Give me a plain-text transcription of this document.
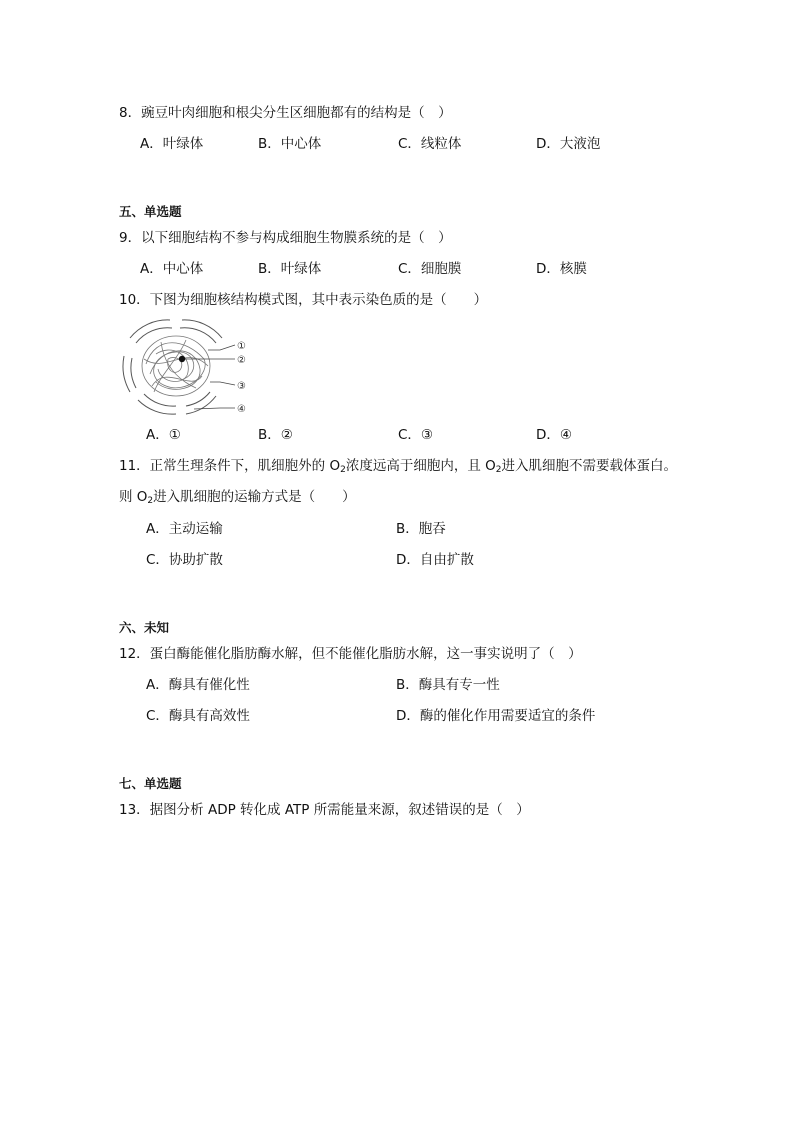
8．豌豆叶肉细胞和根尖分生区细胞都有的结构是（　）
A．叶绿体	B．中心体	C．线粒体	D．大液泡
五、单选题
9．以下细胞结构不参与构成细胞生物膜系统的是（　）
A．中心体	B．叶绿体	C．细胞膜	D．核膜
10．下图为细胞核结构模式图，其中表示染色质的是（　　）
①
②
③
④
A．①	B．②	C．③	D．④
11．正常生理条件下，肌细胞外的 $O_2$浓度远高于细胞内，且 $O_2$进入肌细胞不需要载体蛋白。
则 $O_2$进入肌细胞的运输方式是（　　）
A．主动运输	B．胞吞
C．协助扩散	D．自由扩散
六、未知
12．蛋白酶能催化脂肪酶水解，但不能催化脂肪水解，这一事实说明了（　）
A．酶具有催化性	B．酶具有专一性
C．酶具有高效性	D．酶的催化作用需要适宜的条件
七、单选题
13．据图分析 ADP 转化成 ATP 所需能量来源，叙述错误的是（　）
